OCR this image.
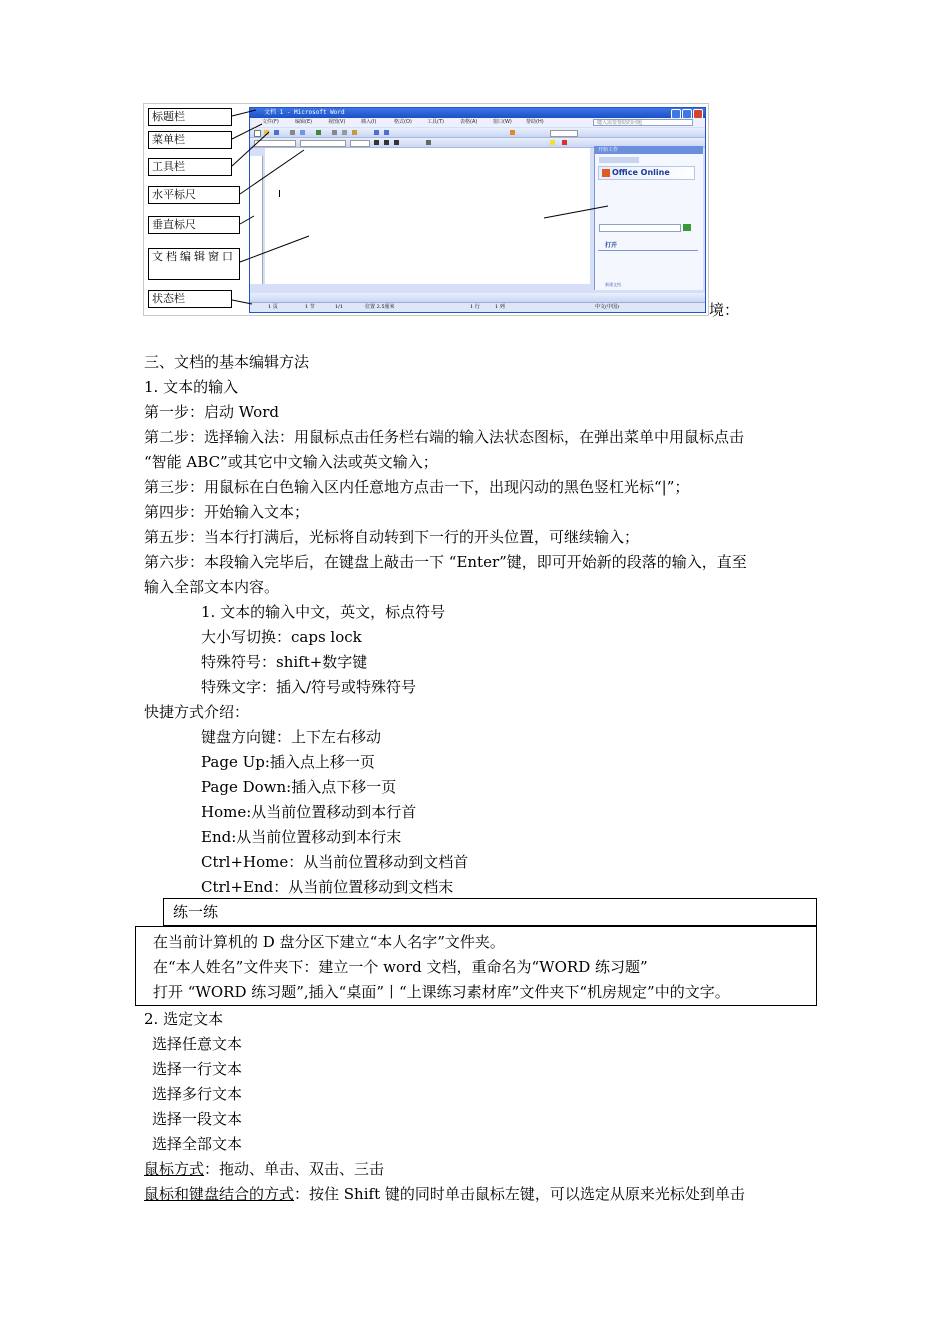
标题栏
菜单栏
工具栏
水平标尺
垂直标尺
文档编辑窗口
状态栏
文档 1 - Microsoft Word
文件(F)	编辑(E)	视图(V)	插入(I)	格式(O)	工具(T)	表格(A)	窗口(W)	帮助(H)	键入需要帮助的问题
开始工作
Office Online
打开
新建文档
1 页	1 节	1/1	位置 2.5厘米	1 行	1 列	中文(中国)	境：
三、文档的基本编辑方法
1. 文本的输入
第一步：启动 Word
第二步：选择输入法：用鼠标点击任务栏右端的输入法状态图标，在弹出菜单中用鼠标点击
“智能 ABC”或其它中文输入法或英文输入；
第三步：用鼠标在白色输入区内任意地方点击一下，出现闪动的黑色竖杠光标“|”；
第四步：开始输入文本；
第五步：当本行打满后，光标将自动转到下一行的开头位置，可继续输入；
第六步：本段输入完毕后，在键盘上敲击一下 “Enter”键，即可开始新的段落的输入，直至
输入全部文本内容。
1. 文本的输入中文，英文，标点符号
大小写切换：caps lock
特殊符号：shift+数字键
特殊文字：插入/符号或特殊符号
快捷方式介绍：
键盘方向键：上下左右移动
Page Up:插入点上移一页
Page Down:插入点下移一页
Home:从当前位置移动到本行首
End:从当前位置移动到本行末
Ctrl+Home：从当前位置移动到文档首
Ctrl+End：从当前位置移动到文档末
练一练
在当前计算机的 D 盘分区下建立“本人名字”文件夹。
在“本人姓名”文件夹下：建立一个 word 文档，重命名为“WORD 练习题”
打开 “WORD 练习题”,插入“桌面”丨“上课练习素材库”文件夹下“机房规定”中的文字。
2. 选定文本
选择任意文本
选择一行文本
选择多行文本
选择一段文本
选择全部文本
鼠标方式：拖动、单击、双击、三击
鼠标和键盘结合的方式：按住 Shift 键的同时单击鼠标左键，可以选定从原来光标处到单击
